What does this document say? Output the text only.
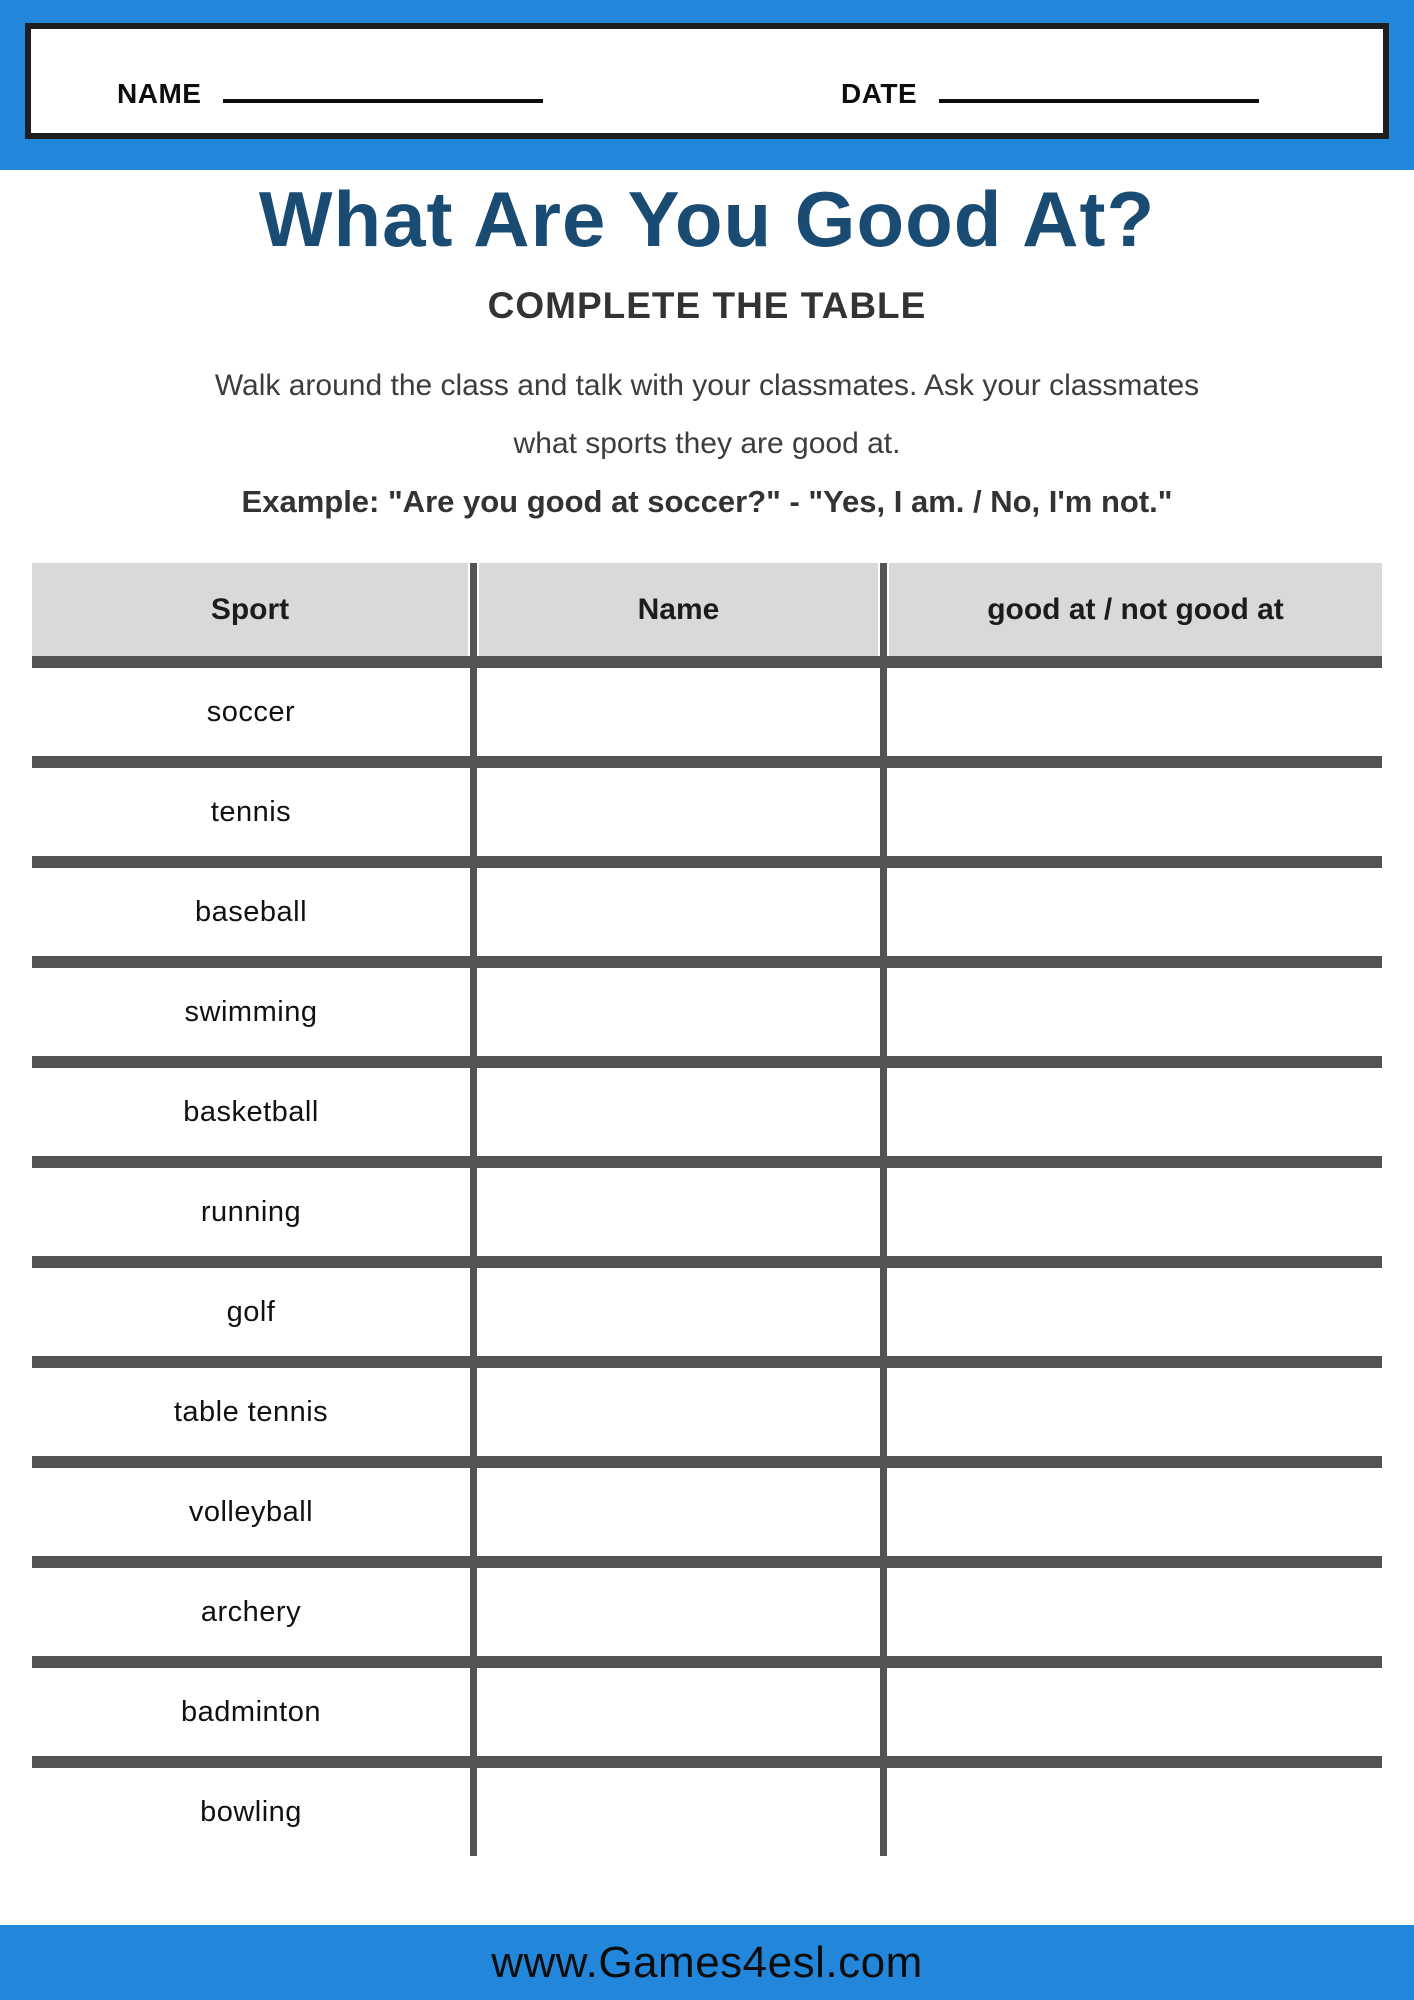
NAME	DATE
What Are You Good At?
COMPLETE THE TABLE
Walk around the class and talk with your classmates. Ask your classmates
what sports they are good at.
Example: "Are you good at soccer?" - "Yes, I am. / No, I'm not."
Sport	Name	good at / not good at
soccer
tennis
baseball
swimming
basketball
running
golf
table tennis
volleyball
archery
badminton
bowling
www.Games4esl.com
